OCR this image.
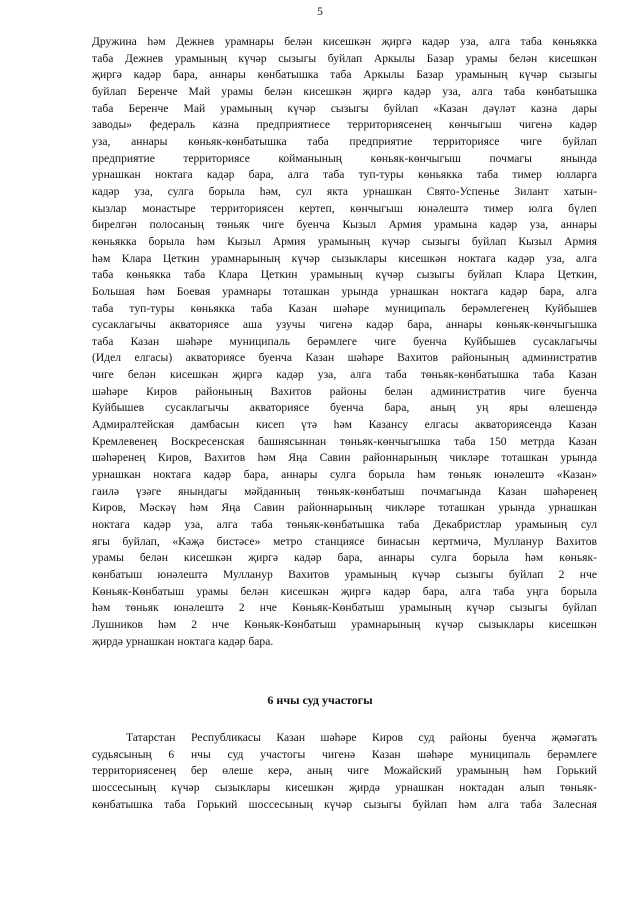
5
Дружина һәм Дежнев урамнары белән кисешкән җиргә кадәр уза, алга таба көньякка
таба Дежнев урамының күчәр сызыгы буйлап Аркылы Базар урамы белән кисешкән
җиргә кадәр бара, аннары көнбатышка таба Аркылы Базар урамының күчәр сызыгы
буйлап Беренче Май урамы белән кисешкән җиргә кадәр уза, алга таба көнбатышка
таба Беренче Май урамының күчәр сызыгы буйлап «Казан дәүләт казна дары
заводы» федераль казна предприятиесе территориясенең көнчыгыш чигенә кадәр
уза, аннары көньяк-көнбатышка таба предприятие территориясе чиге буйлап
предприятие территориясе койманының көньяк-көнчыгыш почмагы янында
урнашкан ноктага кадәр бара, алга таба туп-туры көньякка таба тимер юлларга
кадәр уза, сулга борыла һәм, сул якта урнашкан Свято-Успенье Зилант хатын-
кызлар монастыре территориясен кертеп, көнчыгыш юнәлештә тимер юлга бүлеп
бирелгән полосаның төньяк чиге буенча Кызыл Армия урамына кадәр уза, аннары
көньякка борыла һәм Кызыл Армия урамының күчәр сызыгы буйлап Кызыл Армия
һәм Клара Цеткин урамнарының күчәр сызыклары кисешкән ноктага кадәр уза, алга
таба көньякка таба Клара Цеткин урамының күчәр сызыгы буйлап Клара Цеткин,
Большая һәм Боевая урамнары тоташкан урында урнашкан ноктага кадәр бара, алга
таба туп-туры көньякка таба Казан шәһәре муниципаль берәмлегенең Куйбышев
сусаклагычы акваториясе аша узучы чигенә кадәр бара, аннары көньяк-көнчыгышка
таба Казан шәһәре муниципаль берәмлеге чиге буенча Куйбышев сусаклагычы
(Идел елгасы) акваториясе буенча Казан шәһәре Вахитов районының административ
чиге белән кисешкән җиргә кадәр уза, алга таба төньяк-көнбатышка таба Казан
шәһәре Киров районының Вахитов районы белән административ чиге буенча
Куйбышев сусаклагычы акваториясе буенча бара, аның уң яры өлешендә
Адмиралтейская дамбасын кисеп үтә һәм Казансу елгасы акваториясендә Казан
Кремлевенең Воскресенская башнясыннан төньяк-көнчыгышка таба 150 метрда Казан
шәһәренең Киров, Вахитов һәм Яңа Савин районнарының чикләре тоташкан урында
урнашкан ноктага кадәр бара, аннары сулга борыла һәм төньяк юнәлештә «Казан»
гаилә үзәге янындагы мәйданның төньяк-көнбатыш почмагында Казан шәһәренең
Киров, Мәскәү һәм Яңа Савин районнарының чикләре тоташкан урында урнашкан
ноктага кадәр уза, алга таба төньяк-көнбатышка таба Декабристлар урамының сул
ягы буйлап, «Кәҗә бистәсе» метро станциясе бинасын кертмичә, Мулланур Вахитов
урамы белән кисешкән җиргә кадәр бара, аннары сулга борыла һәм көньяк-
көнбатыш юнәлештә Мулланур Вахитов урамының күчәр сызыгы буйлап 2 нче
Көньяк-Көнбатыш урамы белән кисешкән җиргә кадәр бара, алга таба уңга борыла
һәм төньяк юнәлештә 2 нче Көньяк-Көнбатыш урамының күчәр сызыгы буйлап
Лушников һәм 2 нче Көньяк-Көнбатыш урамнарының күчәр сызыклары кисешкән
җирдә урнашкан ноктага кадәр бара.
6 нчы суд участогы
Татарстан Республикасы Казан шәһәре Киров суд районы буенча җәмәгать
судьясының 6 нчы суд участогы чигенә Казан шәһәре муниципаль берәмлеге
территориясенең бер өлеше керә, аның чиге Можайский урамының һәм Горький
шоссесының күчәр сызыклары кисешкән җирдә урнашкан ноктадан алып төньяк-
көнбатышка таба Горький шоссесының күчәр сызыгы буйлап һәм алга таба Залесная
